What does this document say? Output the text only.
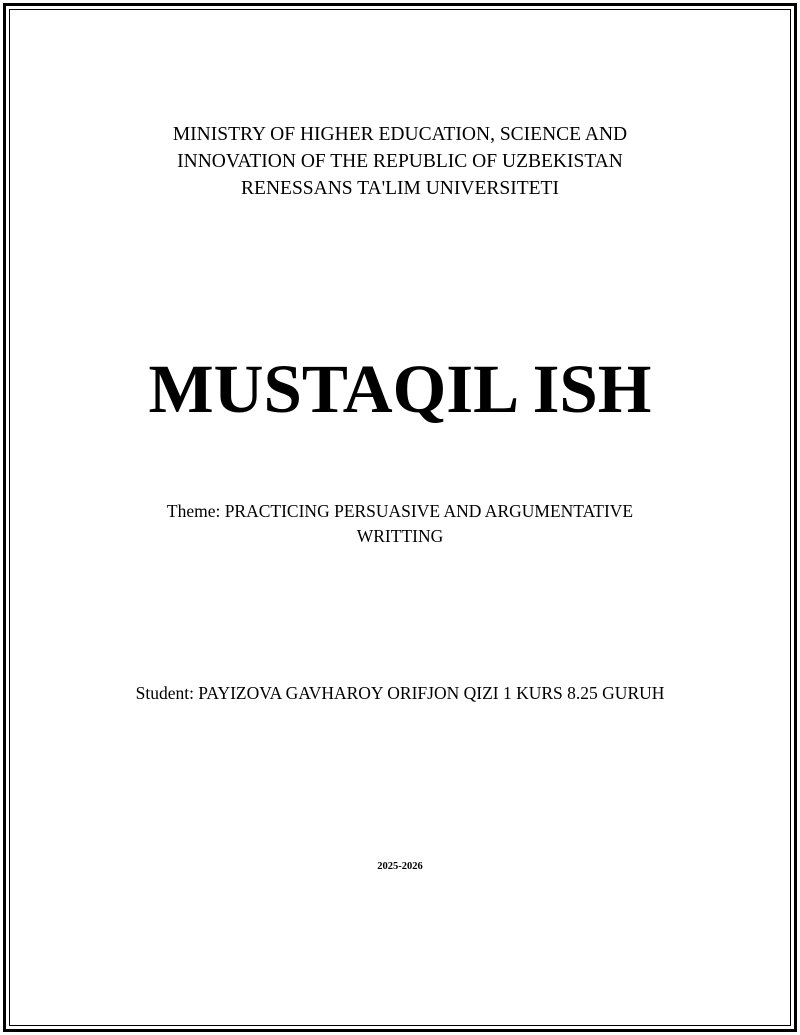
MINISTRY OF HIGHER EDUCATION, SCIENCE AND
INNOVATION OF THE REPUBLIC OF UZBEKISTAN
RENESSANS TA'LIM UNIVERSITETI
MUSTAQIL ISH
Theme: PRACTICING PERSUASIVE AND ARGUMENTATIVE
WRITTING
Student: PAYIZOVA GAVHAROY ORIFJON QIZI 1 KURS 8.25 GURUH
2025-2026
